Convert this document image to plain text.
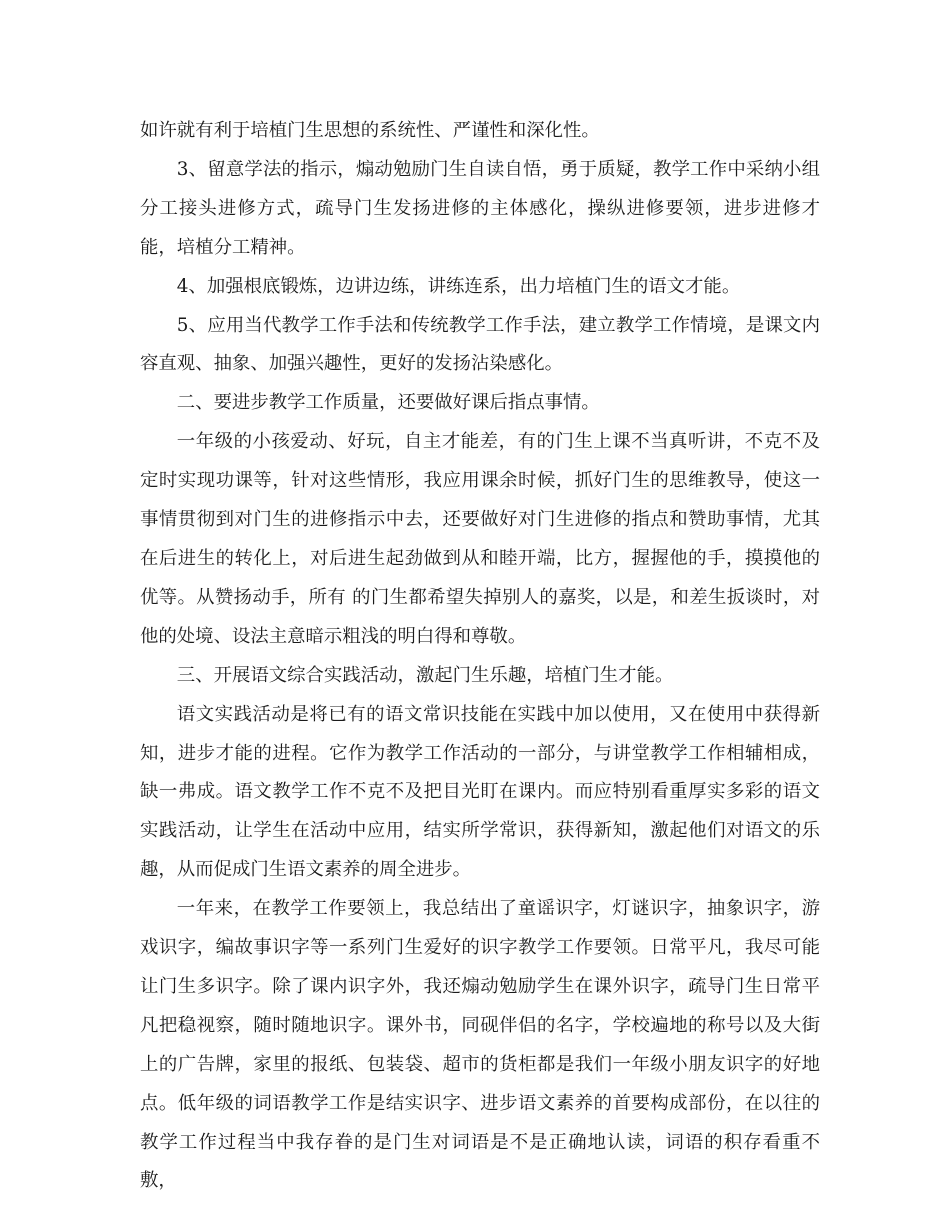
如许就有利于培植门生思想的系统性、严谨性和深化性。

3、留意学法的指示，煽动勉励门生自读自悟，勇于质疑，教学工作中采纳小组分工接头进修方式，疏导门生发扬进修的主体感化，操纵进修要领，进步进修才能，培植分工精神。

4、加强根底锻炼，边讲边练，讲练连系，出力培植门生的语文才能。

5、应用当代教学工作手法和传统教学工作手法，建立教学工作情境，是课文内容直观、抽象、加强兴趣性，更好的发扬沾染感化。

二、要进步教学工作质量，还要做好课后指点事情。

一年级的小孩爱动、好玩，自主才能差，有的门生上课不当真听讲，不克不及定时实现功课等，针对这些情形，我应用课余时候，抓好门生的思维教导，使这一事情贯彻到对门生的进修指示中去，还要做好对门生进修的指点和赞助事情，尤其在后进生的转化上，对后进生起劲做到从和睦开端，比方，握握他的手，摸摸他的优等。从赞扬动手，所有 的门生都希望失掉别人的嘉奖，以是，和差生扳谈时，对他的处境、设法主意暗示粗浅的明白得和尊敬。

三、开展语文综合实践活动，激起门生乐趣，培植门生才能。

语文实践活动是将已有的语文常识技能在实践中加以使用，又在使用中获得新知，进步才能的进程。它作为教学工作活动的一部分，与讲堂教学工作相辅相成，缺一弗成。语文教学工作不克不及把目光盯在课内。而应特别看重厚实多彩的语文实践活动，让学生在活动中应用，结实所学常识，获得新知，激起他们对语文的乐趣，从而促成门生语文素养的周全进步。

一年来，在教学工作要领上，我总结出了童谣识字，灯谜识字，抽象识字，游戏识字，编故事识字等一系列门生爱好的识字教学工作要领。日常平凡，我尽可能让门生多识字。除了课内识字外，我还煽动勉励学生在课外识字，疏导门生日常平凡把稳视察，随时随地识字。课外书，同砚伴侣的名字，学校遍地的称号以及大街上的广告牌，家里的报纸、包装袋、超市的货柜都是我们一年级小朋友识字的好地点。低年级的词语教学工作是结实识字、进步语文素养的首要构成部份，在以往的教学工作过程当中我存眷的是门生对词语是不是正确地认读，词语的积存看重不敷，
